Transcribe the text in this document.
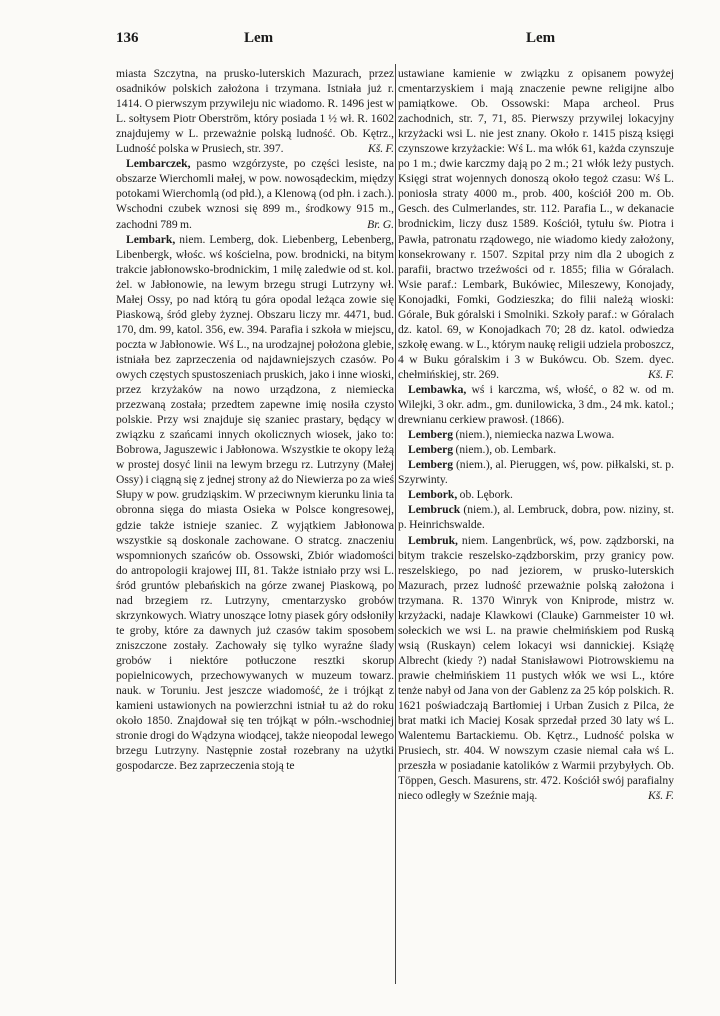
136	Lem	Lem
miasta Szczytna, na prusko-luterskich Mazurach, przez osadników polskich założona i trzymana. Istniała już r. 1414. O pierwszym przywileju nic wiadomo. R. 1496 jest w L. sołtysem Piotr Oberström, który posiada 1 ½ wł. R. 1602 znajdujemy w L. przeważnie polską ludność. Ob. Kętrz., Ludność polska w Prusiech, str. 397.	Kš. F.
Lembarczek, pasmo wzgórzyste, po części lesiste, na obszarze Wierchomli małej, w pow. nowosądeckim, między potokami Wierchomlą (od płd.), a Klenową (od płn. i zach.). Wschodni czubek wznosi się 899 m., środkowy 915 m., zachodni 789 m.	Br. G.
Lembark, niem. Lemberg, dok. Liebenberg, Lebenberg, Libenbergk, włośc. wś kościelna, pow. brodnicki, na bitym trakcie jabłonowsko-brodnickim, 1 milę zaledwie od st. kol. żel. w Jabłonowie, na lewym brzegu strugi Lutrzyny wł. Małej Ossy, po nad którą tu góra opodal leżąca zowie się Piaskową, śród gleby żyznej. Obszaru liczy mr. 4471, bud. 170, dm. 99, katol. 356, ew. 394. Parafia i szkoła w miejscu, poczta w Jabłonowie. Wś L., na urodzajnej położona glebie, istniała bez zaprzeczenia od najdawniejszych czasów. Po owych częstych spustoszeniach pruskich, jako i inne wioski, przez krzyżaków na nowo urządzona, z niemiecka przezwaną została; przedtem zapewne imię nosiła czysto polskie. Przy wsi znajduje się szaniec prastary, będący w związku z szańcami innych okolicznych wiosek, jako to: Bobrowa, Jaguszewic i Jabłonowa. Wszystkie te okopy leżą w prostej dosyć linii na lewym brzegu rz. Lutrzyny (Małej Ossy) i ciągną się z jednej strony aż do Niewierza po za wieś Słupy w pow. grudziąskim. W przeciwnym kierunku linia ta obronna sięga do miasta Osieka w Polsce kongresowej, gdzie także istnieje szaniec. Z wyjątkiem Jabłonowa wszystkie są doskonale zachowane. O stratcg. znaczeniu wspomnionych szańców ob. Ossowski, Zbiór wiadomości do antropologii krajowej III, 81. Także istniało przy wsi L. śród gruntów plebańskich na górze zwanej Piaskową, po nad brzegiem rz. Lutrzyny, cmentarzysko grobów skrzynkowych. Wiatry unoszące lotny piasek góry odsłoniły te groby, które za dawnych już czasów takim sposobem zniszczone zostały. Zachowały się tylko wyraźne ślady grobów i niektóre potłuczone resztki skorup popielnicowych, przechowywanych w muzeum towarz. nauk. w Toruniu. Jest jeszcze wiadomość, że i trójkąt z kamieni ustawionych na powierzchni istniał tu aż do roku około 1850. Znajdował się ten trójkąt w półn.-wschodniej stronie drogi do Wądzyna wiodącej, także nieopodal lewego brzegu Lutrzyny. Następnie został rozebrany na użytki gospodarcze. Bez zaprzeczenia stoją te
ustawiane kamienie w związku z opisanem powyżej cmentarzyskiem i mają znaczenie pewne religijne albo pamiątkowe. Ob. Ossowski: Mapa archeol. Prus zachodnich, str. 7, 71, 85. Pierwszy przywilej lokacyjny krzyżacki wsi L. nie jest znany. Około r. 1415 piszą księgi czynszowe krzyżackie: Wś L. ma włók 61, każda czynszuje po 1 m.; dwie karczmy dają po 2 m.; 21 włók leży pustych. Księgi strat wojennych donoszą około tegoż czasu: Wś L. poniosła straty 4000 m., prob. 400, kościół 200 m. Ob. Gesch. des Culmerlandes, str. 112. Parafia L., w dekanacie brodnickim, liczy dusz 1589. Kościół, tytułu św. Piotra i Pawła, patronatu rządowego, nie wiadomo kiedy założony, konsekrowany r. 1507. Szpital przy nim dla 2 ubogich z parafii, bractwo trzeźwości od r. 1855; filia w Góralach. Wsie paraf.: Lembark, Bukówiec, Mileszewy, Konojady, Konojadki, Fomki, Godzieszka; do filii należą wioski: Górale, Buk góralski i Smolniki. Szkoły paraf.: w Góralach dz. katol. 69, w Konojadkach 70; 28 dz. katol. odwiedza szkołę ewang. w L., którym naukę religii udziela proboszcz, 4 w Buku góralskim i 3 w Bukówcu. Ob. Szem. dyec. chełmińskiej, str. 269.	Kš. F.
Lembawka, wś i karczma, wś, włość, o 82 w. od m. Wilejki, 3 okr. adm., gm. dunilowicka, 3 dm., 24 mk. katol.; drewnianu cerkiew prawosł. (1866).
Lemberg (niem.), niemiecka nazwa Lwowa.
Lemberg (niem.), ob. Lembark.
Lemberg (niem.), al. Pieruggen, wś, pow. piłkalski, st. p. Szyrwinty.
Lembork, ob. Lębork.
Lembruck (niem.), al. Lembruck, dobra, pow. niziny, st. p. Heinrichswalde.
Lembruk, niem. Langenbrück, wś, pow. ządzborski, na bitym trakcie reszelsko-ządzborskim, przy granicy pow. reszelskiego, po nad jeziorem, w prusko-luterskich Mazurach, przez ludność przeważnie polską założona i trzymana. R. 1370 Winryk von Kniprode, mistrz w. krzyżacki, nadaje Klawkowi (Clauke) Garnmeister 10 wł. sołeckich we wsi L. na prawie chełmińskiem pod Ruską wsią (Ruskayn) celem lokacyi wsi dannickiej. Książę Albrecht (kiedy ?) nadał Stanisławowi Piotrowskiemu na prawie chełmińskiem 11 pustych włók we wsi L., które tenże nabył od Jana von der Gablenz za 25 kóp polskich. R. 1621 poświadczają Bartłomiej i Urban Zusich z Pilca, że brat matki ich Maciej Kosak sprzedał przed 30 laty wś L. Walentemu Bartackiemu. Ob. Kętrz., Ludność polska w Prusiech, str. 404. W nowszym czasie niemal cała wś L. przeszła w posiadanie katolików z Warmii przybyłych. Ob. Töppen, Gesch. Masurens, str. 472. Kościół swój parafialny nieco odległy w Szeźnie mają.	Kš. F.
